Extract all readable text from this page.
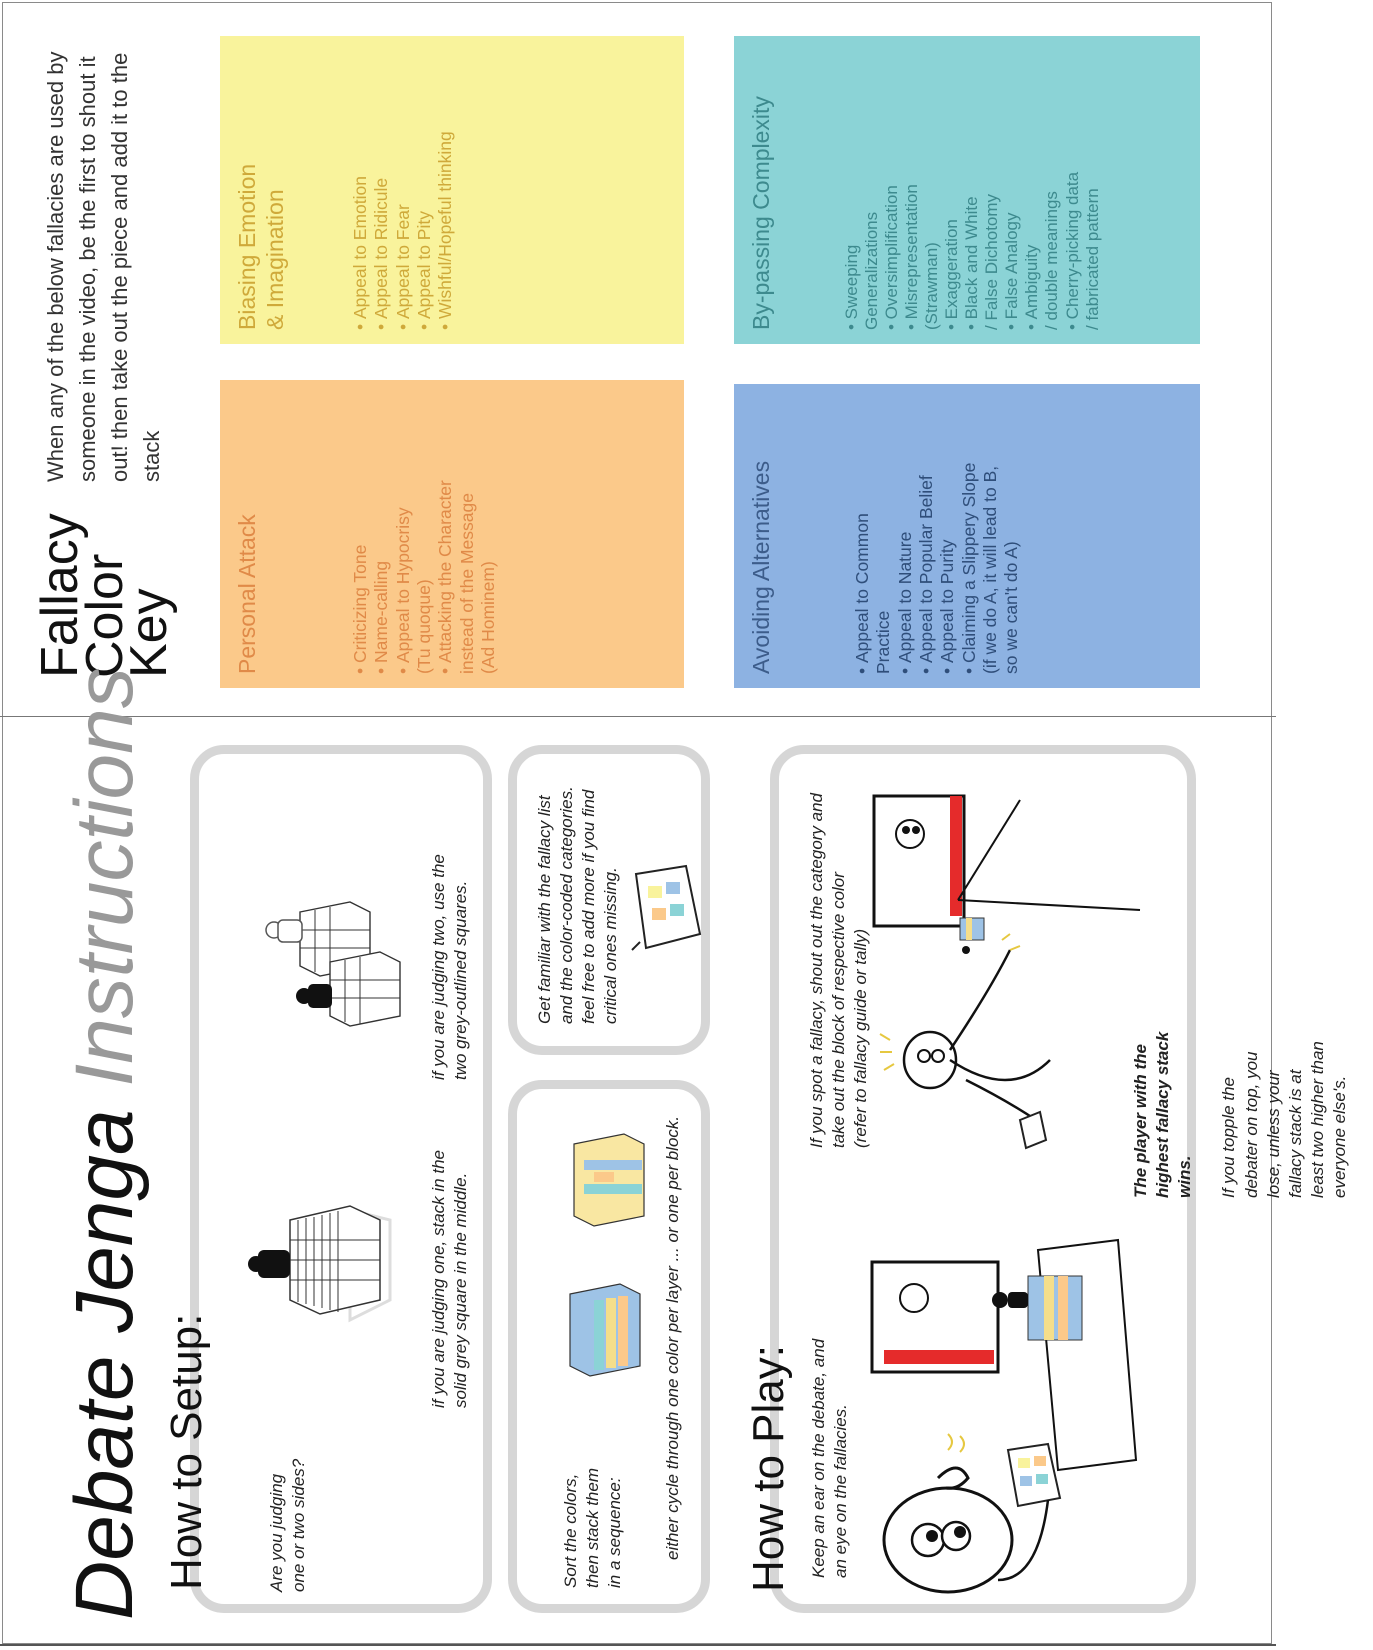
Fallacy
Color
Key
When any of the below fallacies are used by someone in the video, be the first to shout it out! then take out the piece and add it to the stack
Personal Attack	• Criticizing Tone • Name-calling • Appeal to Hypocrisy
(Tu quoque) • Attacking the Character
instead of the Message
(Ad Hominem)
Biasing Emotion
& Imagination	• Appeal to Emotion • Appeal to Ridicule • Appeal to Fear • Appeal to Pity • Wishful/Hopeful thinking
Avoiding Alternatives	• Appeal to Common
Practice • Appeal to Nature • Appeal to Popular Belief • Appeal to Purity • Claiming a Slippery Slope
(if we do A, it will lead to B,
so we can't do A)
By-passing Complexity	• Sweeping
Generalizations • Oversimplification • Misrepresentation
(Strawman) • Exaggeration • Black and White
/ False Dichotomy • False Analogy • Ambiguity
/ double meanings • Cherry-picking data
/ fabricated pattern
Debate Jenga Instructions
How to Setup:	Are you judging
one or two sides?
if you are judging one, stack in the
solid grey square in the middle.
if you are judging two, use the
two grey-outlined squares.
Sort the colors,
then stack them
in a sequence: either cycle through one color per layer ... or one per block.
Get familiar with the fallacy list
and the color-coded categories.
feel free to add more if you find
critical ones missing.
How to Play: Keep an ear on the debate, and
an eye on the fallacies.
If you spot a fallacy, shout out the category and
take out the block of respective color
(refer to fallacy guide or tally)

The player with the highest fallacy stack wins. If you topple the debater on top, you lose, unless your
fallacy stack is at least two higher than everyone else's.
